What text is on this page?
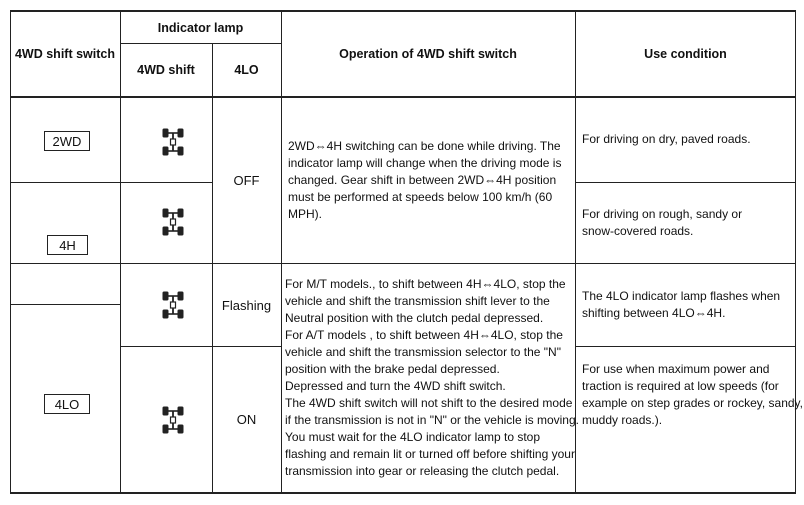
4WD shift switch
Indicator lamp
4WD shift	4LO
Operation of 4WD shift switch	Use condition
2WD
4H
4LO
OFF
Flashing
ON
2WD⇔4H switching can be done while driving. The
indicator lamp will change when the driving mode is
changed. Gear shift in between 2WD⇔4H position
must be performed at speeds below 100 km/h (60
MPH).
For M/T models., to shift between 4H⇔4LO, stop the
vehicle and shift the transmission shift lever to the
Neutral position with the clutch pedal depressed.
For A/T models , to shift between 4H⇔4LO, stop the
vehicle and shift the transmission selector to the "N"
position with the brake pedal depressed.
Depressed and turn the 4WD shift switch.
The 4WD shift switch will not shift to the desired mode
if the transmission is not in "N" or the vehicle is moving.
You must wait for the 4LO indicator lamp to stop
flashing and remain lit or turned off before shifting your
transmission into gear or releasing the clutch pedal.
For driving on dry, paved roads.
For driving on rough, sandy or
snow-covered roads.
The 4LO indicator lamp flashes when
shifting between 4LO⇔4H.
For use when maximum power and
traction is required at low speeds (for
example on step grades or rockey, sandy,
muddy roads.).
